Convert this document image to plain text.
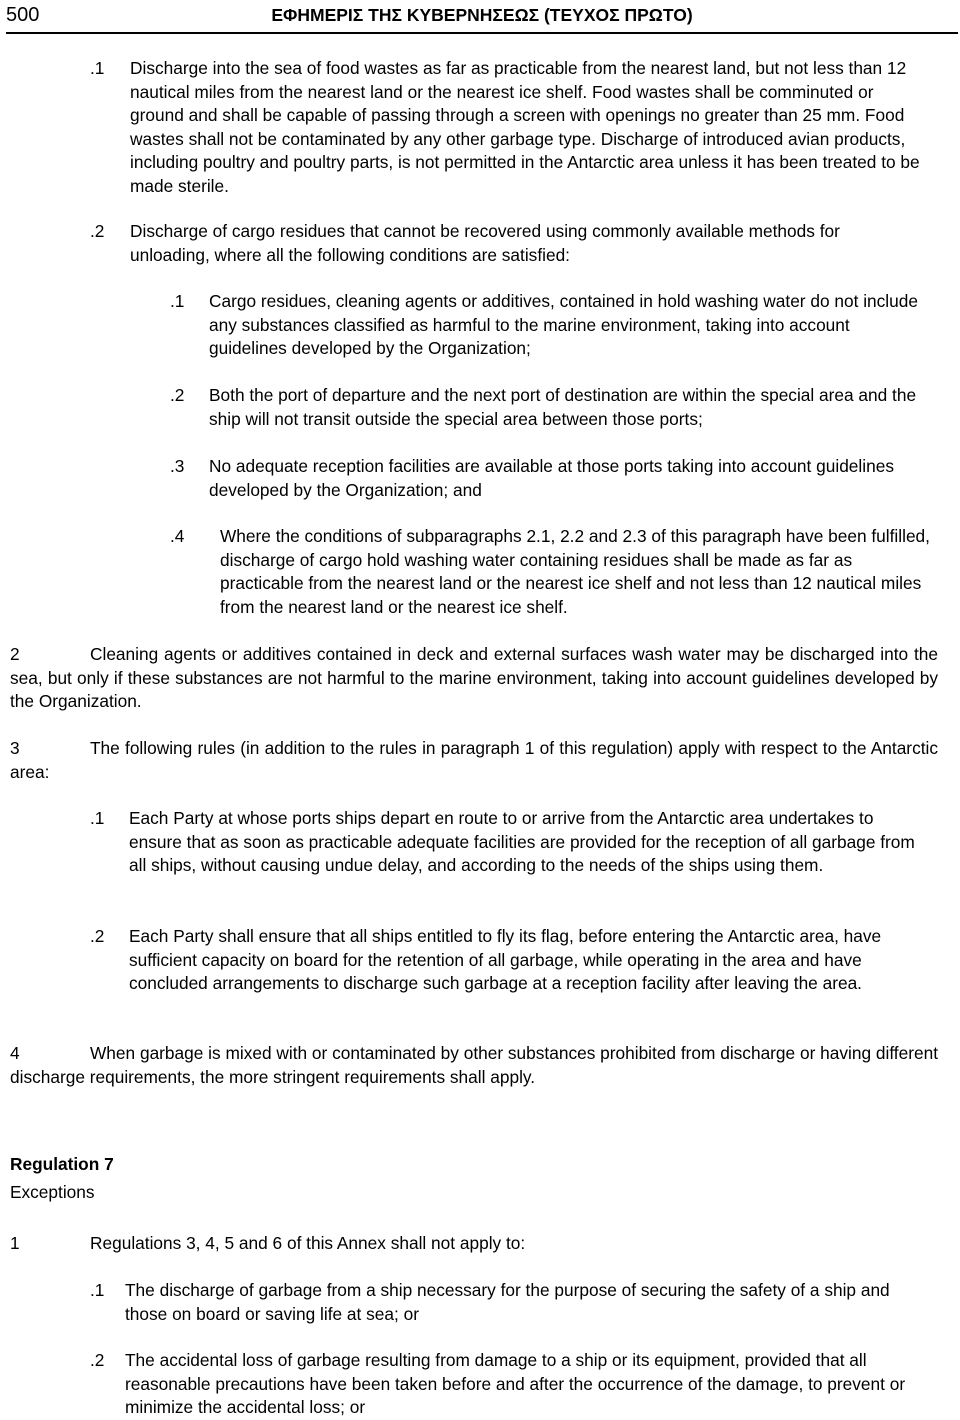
500	ΕΦΗΜΕΡΙΣ ΤΗΣ ΚΥΒΕΡΝΗΣΕΩΣ (ΤΕΥΧΟΣ ΠΡΩΤΟ)
.1 Discharge into the sea of food wastes as far as practicable from the nearest land, but not less than 12 nautical miles from the nearest land or the nearest ice shelf. Food wastes shall be comminuted or ground and shall be capable of passing through a screen with openings no greater than 25 mm. Food wastes shall not be contaminated by any other garbage type. Discharge of introduced avian products, including poultry and poultry parts, is not permitted in the Antarctic area unless it has been treated to be made sterile.

.2 Discharge of cargo residues that cannot be recovered using commonly available methods for unloading, where all the following conditions are satisfied:

.1 Cargo residues, cleaning agents or additives, contained in hold washing water do not include any substances classified as harmful to the marine environment, taking into account guidelines developed by the Organization;

.2 Both the port of departure and the next port of destination are within the special area and the ship will not transit outside the special area between those ports;

.3 No adequate reception facilities are available at those ports taking into account guidelines developed by the Organization; and

.4 Where the conditions of subparagraphs 2.1, 2.2 and 2.3 of this paragraph have been fulfilled, discharge of cargo hold washing water containing residues shall be made as far as practicable from the nearest land or the nearest ice shelf and not less than 12 nautical miles from the nearest land or the nearest ice shelf.

2	Cleaning agents or additives contained in deck and external surfaces wash water may be discharged into the sea, but only if these substances are not harmful to the marine environment, taking into account guidelines developed by the Organization.

3	The following rules (in addition to the rules in paragraph 1 of this regulation) apply with respect to the Antarctic area:

.1 Each Party at whose ports ships depart en route to or arrive from the Antarctic area undertakes to ensure that as soon as practicable adequate facilities are provided for the reception of all garbage from all ships, without causing undue delay, and according to the needs of the ships using them.

.2 Each Party shall ensure that all ships entitled to fly its flag, before entering the Antarctic area, have sufficient capacity on board for the retention of all garbage, while operating in the area and have concluded arrangements to discharge such garbage at a reception facility after leaving the area.

4	When garbage is mixed with or contaminated by other substances prohibited from discharge or having different discharge requirements, the more stringent requirements shall apply.

Regulation 7

Exceptions

1	Regulations 3, 4, 5 and 6 of this Annex shall not apply to:

.1 The discharge of garbage from a ship necessary for the purpose of securing the safety of a ship and those on board or saving life at sea; or

.2 The accidental loss of garbage resulting from damage to a ship or its equipment, provided that all reasonable precautions have been taken before and after the occurrence of the damage, to prevent or minimize the accidental loss; or
